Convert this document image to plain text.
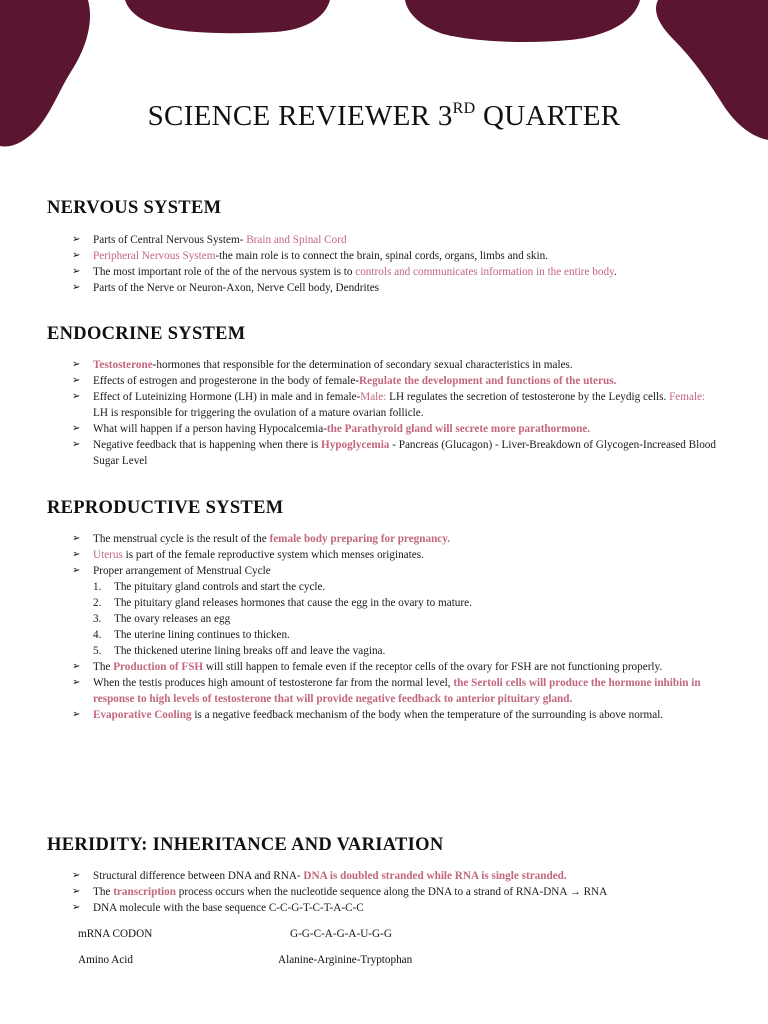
SCIENCE REVIEWER 3RD QUARTER
NERVOUS SYSTEM
➢ Parts of Central Nervous System- Brain and Spinal Cord
➢ Peripheral Nervous System-the main role is to connect the brain, spinal cords, organs, limbs and skin.
➢ The most important role of the of the nervous system is to controls and communicates information in the entire body.
➢ Parts of the Nerve or Neuron-Axon, Nerve Cell body, Dendrites
ENDOCRINE SYSTEM
➢ Testosterone-hormones that responsible for the determination of secondary sexual characteristics in males.
➢ Effects of estrogen and progesterone in the body of female-Regulate the development and functions of the uterus.
➢ Effect of Luteinizing Hormone (LH) in male and in female-Male: LH regulates the secretion of testosterone by the Leydig cells. Female: LH is responsible for triggering the ovulation of a mature ovarian follicle.
➢ What will happen if a person having Hypocalcemia-the Parathyroid gland will secrete more parathormone.
➢ Negative feedback that is happening when there is Hypoglycemia - Pancreas (Glucagon) - Liver-Breakdown of Glycogen-Increased Blood Sugar Level
REPRODUCTIVE SYSTEM
➢ The menstrual cycle is the result of the female body preparing for pregnancy.
➢ Uterus is part of the female reproductive system which menses originates.
➢ Proper arrangement of Menstrual Cycle
1. The pituitary gland controls and start the cycle.
2. The pituitary gland releases hormones that cause the egg in the ovary to mature.
3. The ovary releases an egg
4. The uterine lining continues to thicken.
5. The thickened uterine lining breaks off and leave the vagina.
➢ The Production of FSH will still happen to female even if the receptor cells of the ovary for FSH are not functioning properly.
➢ When the testis produces high amount of testosterone far from the normal level, the Sertoli cells will produce the hormone inhibin in response to high levels of testosterone that will provide negative feedback to anterior pituitary gland.
➢ Evaporative Cooling is a negative feedback mechanism of the body when the temperature of the surrounding is above normal.
HERIDITY: INHERITANCE AND VARIATION
➢ Structural difference between DNA and RNA- DNA is doubled stranded while RNA is single stranded.
➢ The transcription process occurs when the nucleotide sequence along the DNA to a strand of RNA-DNA → RNA
➢ DNA molecule with the base sequence C-C-G-T-C-T-A-C-C
mRNA CODON	G-G-C-A-G-A-U-G-G
Amino Acid	Alanine-Arginine-Tryptophan
